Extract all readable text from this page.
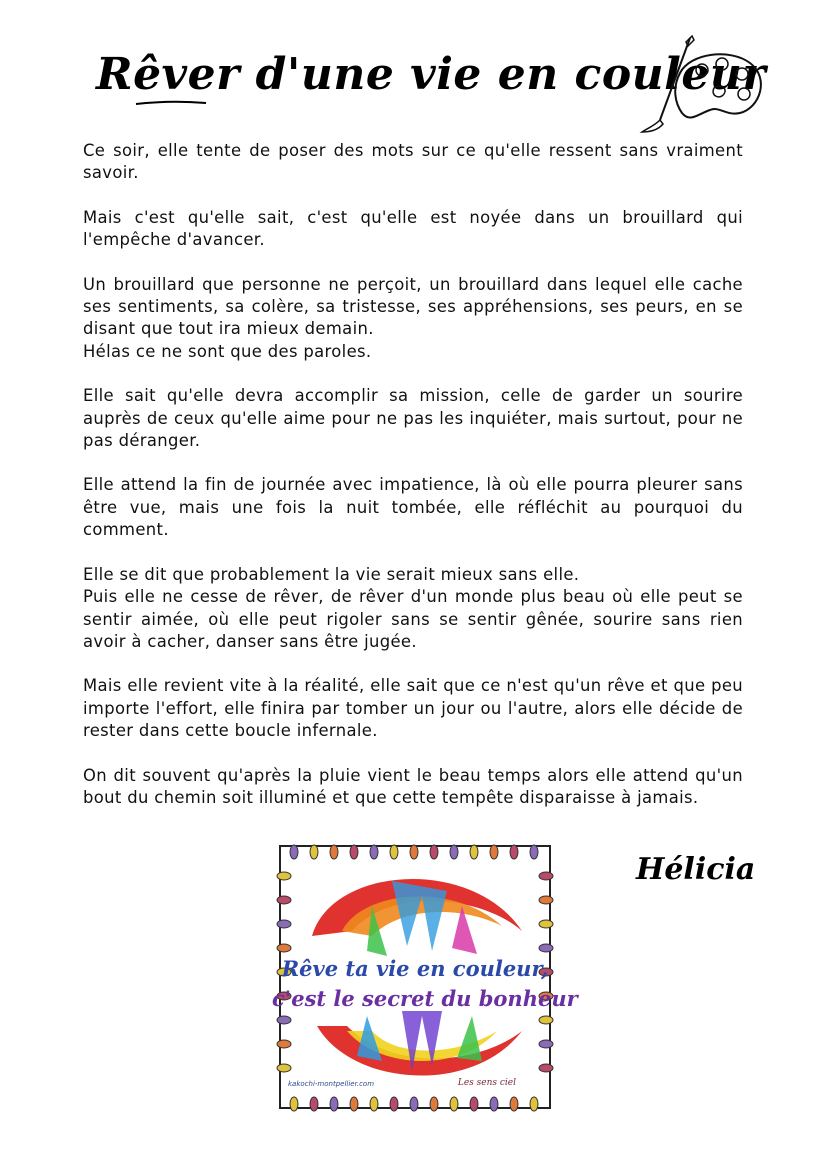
Rêver d'une vie en couleur

Ce soir, elle tente de poser des mots sur ce qu'elle ressent sans vraiment savoir.

Mais c'est qu'elle sait, c'est qu'elle est noyée dans un brouillard qui l'empêche d'avancer.

Un brouillard que personne ne perçoit, un brouillard dans lequel elle cache ses sentiments, sa colère, sa tristesse, ses appréhensions, ses peurs, en se disant que tout ira mieux demain.

Hélas ce ne sont que des paroles.

Elle sait qu'elle devra accomplir sa mission, celle de garder un sourire auprès de ceux qu'elle aime pour ne pas les inquiéter, mais surtout, pour ne pas déranger.

Elle attend la fin de journée avec impatience, là où elle pourra pleurer sans être vue, mais une fois la nuit tombée, elle réfléchit au pourquoi du comment.

Elle se dit que probablement la vie serait mieux sans elle.

Puis elle ne cesse de rêver, de rêver d'un monde plus beau où elle peut se sentir aimée, où elle peut rigoler sans se sentir gênée, sourire sans rien avoir à cacher, danser sans être jugée.

Mais elle revient vite à la réalité, elle sait que ce n'est qu'un rêve et que peu importe l'effort, elle finira par tomber un jour ou l'autre, alors elle décide de rester dans cette boucle infernale.

On dit souvent qu'après la pluie vient le beau temps alors elle attend qu'un bout du chemin soit illuminé et que cette tempête disparaisse à jamais.

Rêve ta vie en couleur,
c'est le secret du bonheur
kakochi-montpellier.com	Les sens ciel
Hélicia
